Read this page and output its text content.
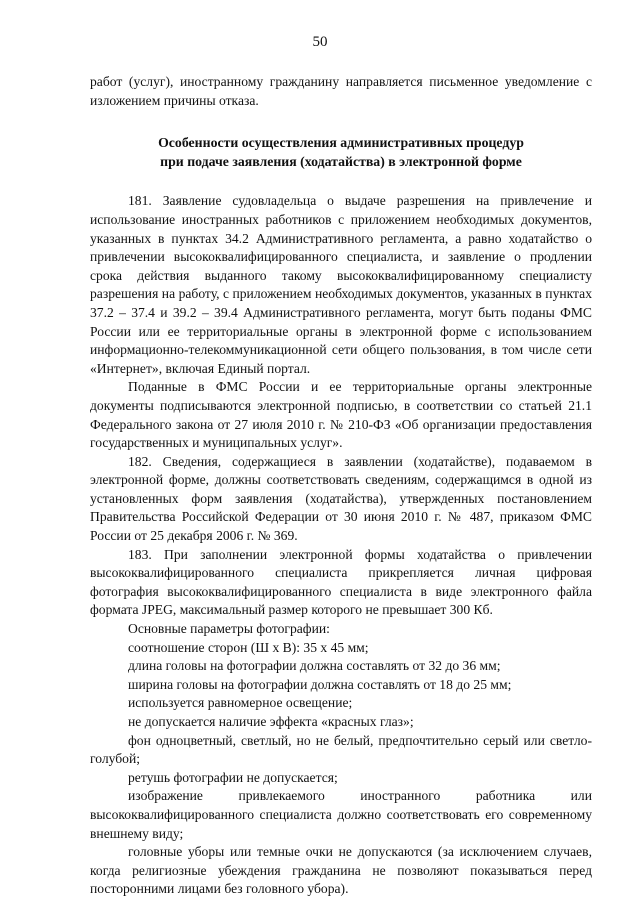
50

работ (услуг), иностранному гражданину направляется письменное уведомление с изложением причины отказа.

Особенности осуществления административных процедур
при подаче заявления (ходатайства) в электронной форме

181. Заявление судовладельца о выдаче разрешения на привлечение и использование иностранных работников с приложением необходимых документов, указанных в пунктах 34.2 Административного регламента, а равно ходатайство о привлечении высококвалифицированного специалиста, и заявление о продлении срока действия выданного такому высококвалифицированному специалисту разрешения на работу, с приложением необходимых документов, указанных в пунктах 37.2 – 37.4 и 39.2 – 39.4 Административного регламента, могут быть поданы ФМС России или ее территориальные органы в электронной форме с использованием информационно-телекоммуникационной сети общего пользования, в том числе сети «Интернет», включая Единый портал.

Поданные в ФМС России и ее территориальные органы электронные документы подписываются электронной подписью, в соответствии со статьей 21.1 Федерального закона от 27 июля 2010 г. № 210-ФЗ «Об организации предоставления государственных и муниципальных услуг».

182. Сведения, содержащиеся в заявлении (ходатайстве), подаваемом в электронной форме, должны соответствовать сведениям, содержащимся в одной из установленных форм заявления (ходатайства), утвержденных постановлением Правительства Российской Федерации от 30 июня 2010 г. № 487, приказом ФМС России от 25 декабря 2006 г. № 369.

183. При заполнении электронной формы ходатайства о привлечении высококвалифицированного специалиста прикрепляется личная цифровая фотография высококвалифицированного специалиста в виде электронного файла формата JPEG, максимальный размер которого не превышает 300 Кб.

Основные параметры фотографии:

соотношение сторон (Ш x В): 35 x 45 мм;

длина головы на фотографии должна составлять от 32 до 36 мм;

ширина головы на фотографии должна составлять от 18 до 25 мм;

используется равномерное освещение;

не допускается наличие эффекта «красных глаз»;

фон одноцветный, светлый, но не белый, предпочтительно серый или светло-голубой;

ретушь фотографии не допускается;

изображение привлекаемого иностранного работника или высококвалифицированного специалиста должно соответствовать его современному внешнему виду;

головные уборы или темные очки не допускаются (за исключением случаев, когда религиозные убеждения гражданина не позволяют показываться перед посторонними лицами без головного убора).
